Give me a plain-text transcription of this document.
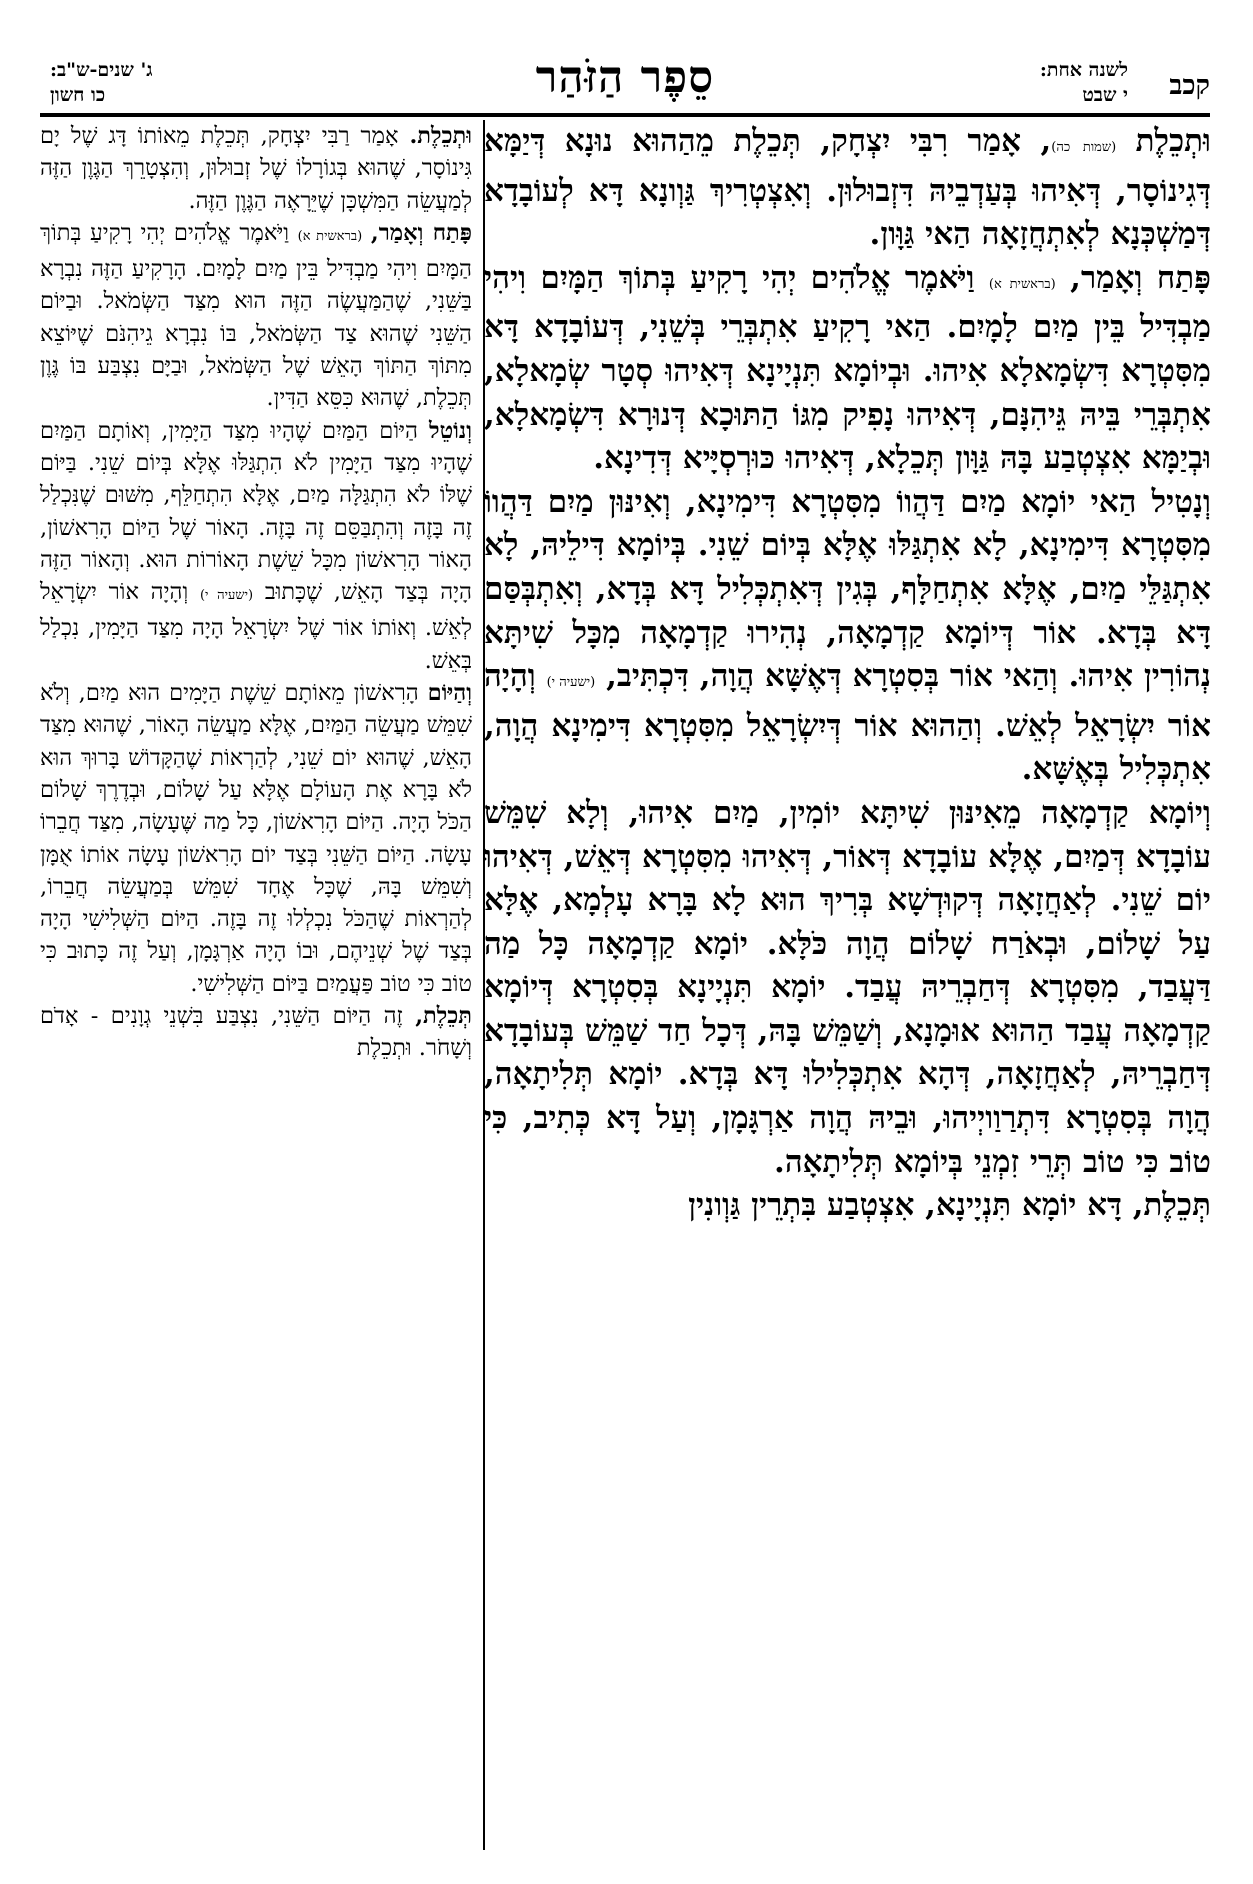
קכב
לשנה אחת:
י שבט
סֵפֶר הַזֹּהַר
ג' שנים-ש"ב:
כו חשון

וּתְכֵלֶת (שמות כה), אָמַר רִבִּי יִצְחָק, תְּכֵלֶת מֵהַהוּא נוּנָא דְּיַמָּא דְּגִינוֹסָר, דְּאִיהוּ בְּעַדְבֵיהּ דִּזְבוּלוּן. וְאִצְטְרִיךְ גַּוְונָא דָּא לְעוֹבָדָא דְּמַשְׁכְּנָא לְאִתְחֲזָאָה הַאי גַּוָּון.

פָּתַח וְאָמַר, (בראשית א) וַיֹּאמֶר אֱלֹהִים יְהִי רָקִיעַ בְּתוֹךְ הַמָּיִם וִיהִי מַבְדִּיל בֵּין מַיִם לָמָיִם. הַאי רָקִיעַ אִתְבְּרֵי בְּשֵׁנִי, דְּעוֹבָדָא דָּא מִסִּטְרָא דִּשְׂמָאלָא אִיהוּ. וּבְיוֹמָא תִּנְיָינָא דְּאִיהוּ סְטָר שְׂמָאלָא, אִתְבְּרֵי בֵּיהּ גֵּיהִנָּם, דְּאִיהוּ נָפִיק מִגּוֹ הַתּוּכָא דְּנוּרָא דִּשְׂמָאלָא, וּבְיַמָּא אִצְטְבַע בָּהּ גַּוָּון תְּכֵלָא, דְּאִיהוּ כּוּרְסְיָּיא דְּדִינָא.

וְנָטִיל הַאי יוֹמָא מַיִם דַּהֲווֹ מִסִּטְרָא דִּימִינָא, וְאִינּוּן מַיִם דַּהֲווֹ מִסִּטְרָא דִּימִינָא, לָא אִתְגַּלּוּ אֶלָּא בְּיוֹם שֵׁנִי. בְּיוֹמָא דִּילֵיהּ, לָא אִתְגַּלֵּי מַיִם, אֶלָּא אִתְחַלָּף, בְּגִין דְּאִתְכְּלִיל דָּא בְּדָא, וְאִתְבְּסַּם דָּא בְּדָא. אוֹר דְּיוֹמָא קַדְמָאָה, נְהִירוּ קַדְמָאָה מִכָּל שִׁיתָּא נְהוֹרִין אִיהוּ. וְהַאי אוֹר בְּסִטְרָא דְּאֶשָּׁא הֲוָה, דִּכְתִּיב, (ישעיה י) וְהָיָה אוֹר יִשְׂרָאֵל לְאֵשׁ. וְהַהוּא אוֹר דְּיִשְׂרָאֵל מִסִּטְרָא דִּימִינָא הֲוָה, אִתְכְּלִיל בְּאֶשָּׁא.

וְיוֹמָא קַדְמָאָה מֵאִינּוּן שִׁיתָּא יוֹמִין, מַיִם אִיהוּ, וְלָא שִׁמֵּשׁ עוֹבָדָא דְּמַיִם, אֶלָּא עוֹבָדָא דְּאוֹר, דְּאִיהוּ מִסִּטְרָא דְּאֵשׁ, דְּאִיהוּ יוֹם שֵׁנִי. לְאַחֲזָאָה דְּקוּדְשָׁא בְּרִיךְ הוּא לָא בָּרָא עָלְמָא, אֶלָּא עַל שָׁלוֹם, וּבְאֹרַח שָׁלוֹם הֲוָה כֹּלָּא. יוֹמָא קַדְמָאָה כָּל מַה דַּעֲבַד, מִסִּטְרָא דְּחַבְרֵיהּ עֲבַד. יוֹמָא תִּנְיָינָא בְּסִטְרָא דְּיוֹמָא קַדְמָאָה עֲבַד הַהוּא אוּמָנָא, וְשַׁמֵּשׁ בָּהּ, דְּכָל חַד שַׁמֵּשׁ בְּעוֹבָדָא דְּחַבְרֵיהּ, לְאַחֲזָאָה, דְּהָא אִתְכְּלִילוּ דָּא בְּדָא. יוֹמָא תְּלִיתָאָה, הֲוָה בְּסִטְרָא דִּתְרַוַויְיהוּ, וּבֵיהּ הֲוָה אַרְגָּמָן, וְעַל דָּא כְּתִיב, כִּי טוֹב כִּי טוֹב תְּרֵי זִמְנֵי בְּיוֹמָא תְּלִיתָאָה.

תְּכֵלֶת, דָּא יוֹמָא תִּנְיָינָא, אִצְטְבַע בִּתְרֵין גַּוְונִין

וּתְכֵלֶת. אָמַר רַבִּי יִצְחָק, תְּכֵלֶת מֵאוֹתוֹ דָּג שֶׁל יָם גִּינוֹסָר, שֶׁהוּא בְּגוֹרָלוֹ שֶׁל זְבוּלוּן, וְהִצְטָרֵךְ הַגֶּוֶן הַזֶּה לְמַעֲשֵׂה הַמִּשְׁכָּן שֶׁיֵּרָאֶה הַגֶּוֶן הַזֶּה.

פָּתַח וְאָמַר, (בראשית א) וַיֹּאמֶר אֱלֹהִים יְהִי רָקִיעַ בְּתוֹךְ הַמָּיִם וִיהִי מַבְדִּיל בֵּין מַיִם לָמָיִם. הָרָקִיעַ הַזֶּה נִבְרָא בַּשֵּׁנִי, שֶׁהַמַּעֲשֶׂה הַזֶּה הוּא מִצַּד הַשְּׂמֹאל. וּבַיּוֹם הַשֵּׁנִי שֶׁהוּא צַד הַשְּׂמֹאל, בּוֹ נִבְרָא גֵיהִנֹּם שֶׁיּוֹצֵא מִתּוֹךְ הַתּוֹךְ הָאֵשׁ שֶׁל הַשְּׂמֹאל, וּבַיָּם נִצְבַּע בּוֹ גֶּוֶן תְּכֵלֶת, שֶׁהוּא כִּסֵּא הַדִּין.

וְנוֹטֵל הַיּוֹם הַמַּיִם שֶׁהָיוּ מִצַּד הַיָּמִין, וְאוֹתָם הַמַּיִם שֶׁהָיוּ מִצַּד הַיָּמִין לֹא הִתְגַּלּוּ אֶלָּא בְּיוֹם שֵׁנִי. בַּיּוֹם שֶׁלּוֹ לֹא הִתְגַּלָּה מַיִם, אֶלָּא הִתְחַלֵּף, מִשּׁוּם שֶׁנִּכְלַל זֶה בָּזֶה וְהִתְבַּסֵּם זֶה בָּזֶה. הָאוֹר שֶׁל הַיּוֹם הָרִאשׁוֹן, הָאוֹר הָרִאשׁוֹן מִכָּל שֵׁשֶׁת הָאוֹרוֹת הוּא. וְהָאוֹר הַזֶּה הָיָה בְּצַד הָאֵשׁ, שֶׁכָּתוּב (ישעיה י) וְהָיָה אוֹר יִשְׂרָאֵל לְאֵשׁ. וְאוֹתוֹ אוֹר שֶׁל יִשְׂרָאֵל הָיָה מִצַּד הַיָּמִין, נִכְלַל בְּאֵשׁ.

וְהַיּוֹם הָרִאשׁוֹן מֵאוֹתָם שֵׁשֶׁת הַיָּמִים הוּא מַיִם, וְלֹא שִׁמֵּשׁ מַעֲשֵׂה הַמַּיִם, אֶלָּא מַעֲשֵׂה הָאוֹר, שֶׁהוּא מִצַּד הָאֵשׁ, שֶׁהוּא יוֹם שֵׁנִי, לְהַרְאוֹת שֶׁהַקָּדוֹשׁ בָּרוּךְ הוּא לֹא בָּרָא אֶת הָעוֹלָם אֶלָּא עַל שָׁלוֹם, וּבְדֶרֶךְ שָׁלוֹם הַכֹּל הָיָה. הַיּוֹם הָרִאשׁוֹן, כָּל מַה שֶּׁעָשָׂה, מִצַּד חֲבֵרוֹ עָשָׂה. הַיּוֹם הַשֵּׁנִי בְּצַד יוֹם הָרִאשׁוֹן עָשָׂה אוֹתוֹ אֻמָּן וְשִׁמֵּשׁ בָּהּ, שֶׁכָּל אֶחָד שִׁמֵּשׁ בְּמַעֲשֵׂה חֲבֵרוֹ, לְהַרְאוֹת שֶׁהַכֹּל נִכְלְלוּ זֶה בָּזֶה. הַיּוֹם הַשְּׁלִישִׁי הָיָה בְּצַד שֶׁל שְׁנֵיהֶם, וּבוֹ הָיָה אַרְגָּמָן, וְעַל זֶה כָּתוּב כִּי טוֹב כִּי טוֹב פַּעֲמַיִם בַּיּוֹם הַשְּׁלִישִׁי.

תְּכֵלֶת, זֶה הַיּוֹם הַשֵּׁנִי, נִצְבַּע בִּשְׁנֵי גְוָנִים - אָדֹם וְשָׁחֹר. וּתְכֵלֶת
